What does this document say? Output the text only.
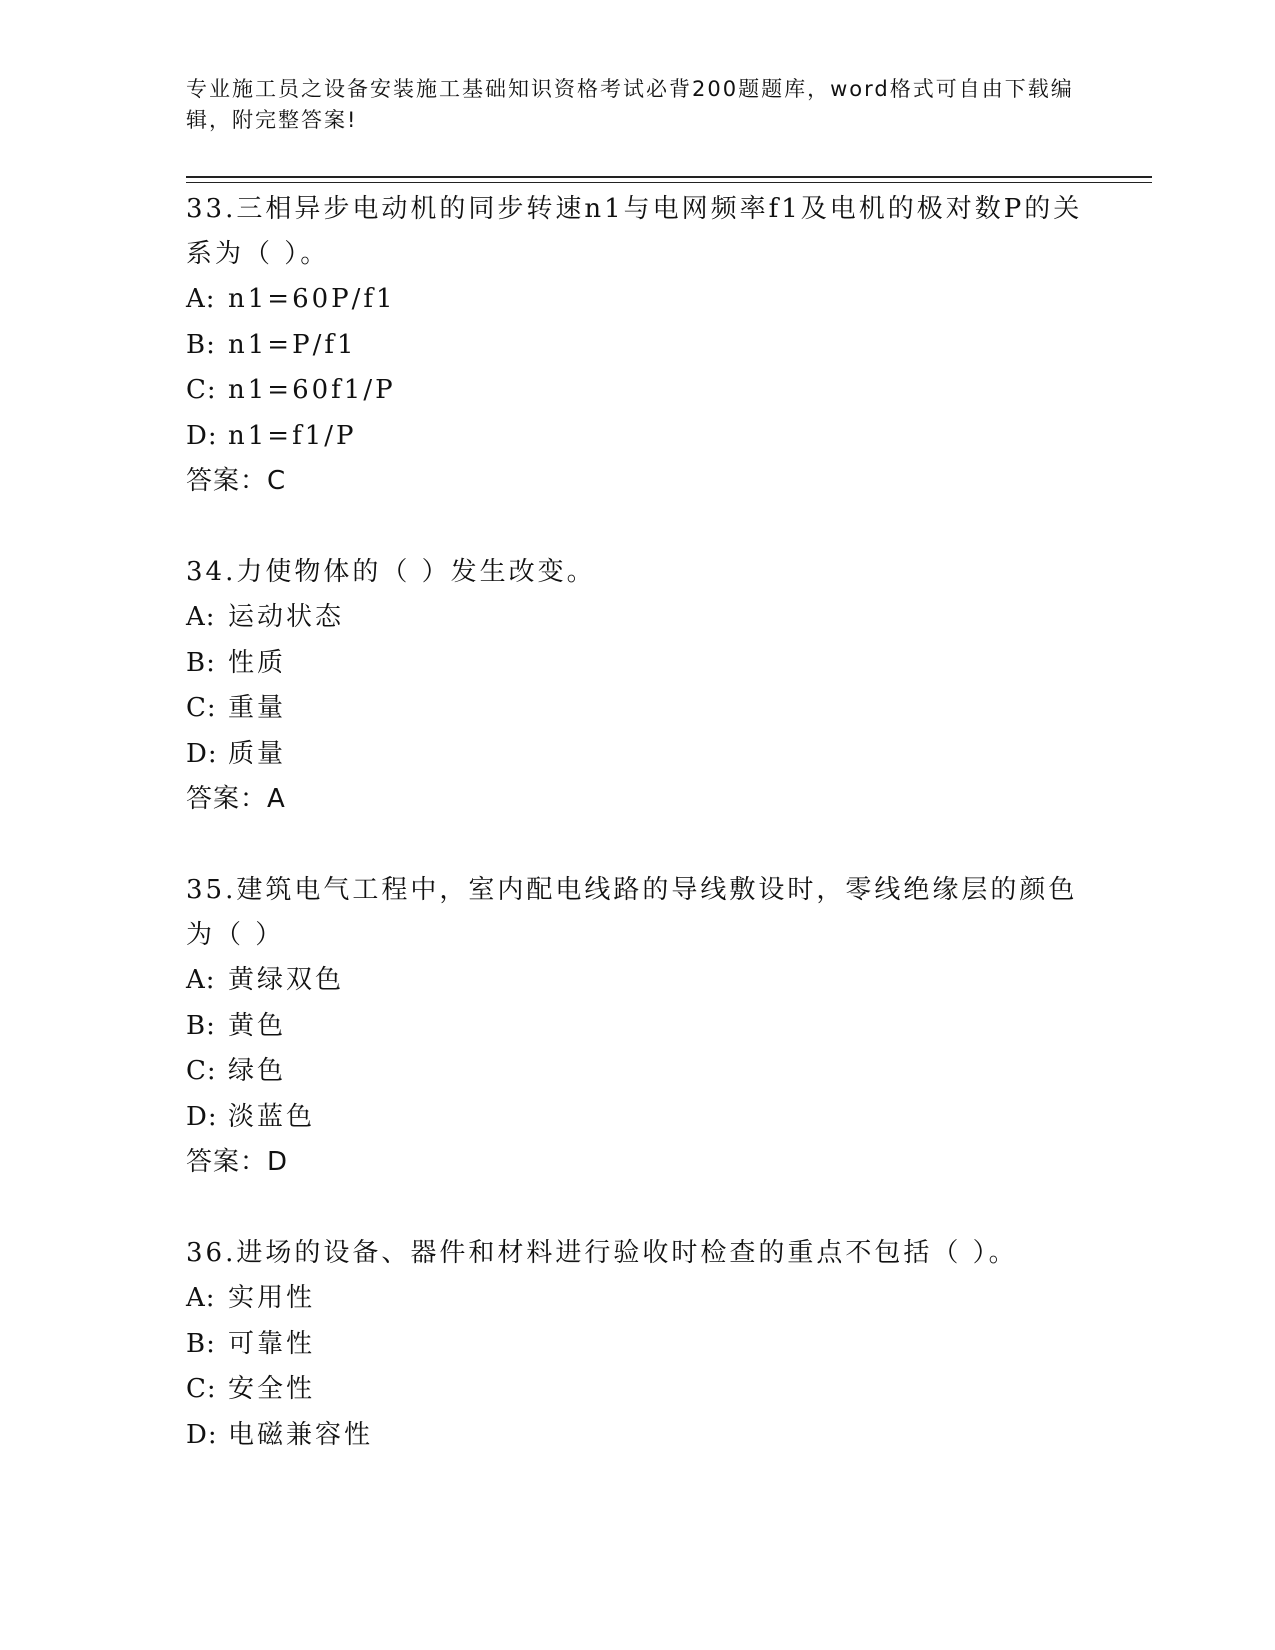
专业施工员之设备安装施工基础知识资格考试必背200题题库，word格式可自由下载编辑，附完整答案!

33.三相异步电动机的同步转速n1与电网频率f1及电机的极对数P的关系为（ ）。

A: n1=60P/f1

B: n1=P/f1

C: n1=60f1/P

D: n1=f1/P

答案：C

34.力使物体的（ ）发生改变。

A: 运动状态

B: 性质

C: 重量

D: 质量

答案：A

35.建筑电气工程中，室内配电线路的导线敷设时，零线绝缘层的颜色为（ ）

A: 黄绿双色

B: 黄色

C: 绿色

D: 淡蓝色

答案：D

36.进场的设备、器件和材料进行验收时检查的重点不包括（ ）。

A: 实用性

B: 可靠性

C: 安全性

D: 电磁兼容性
